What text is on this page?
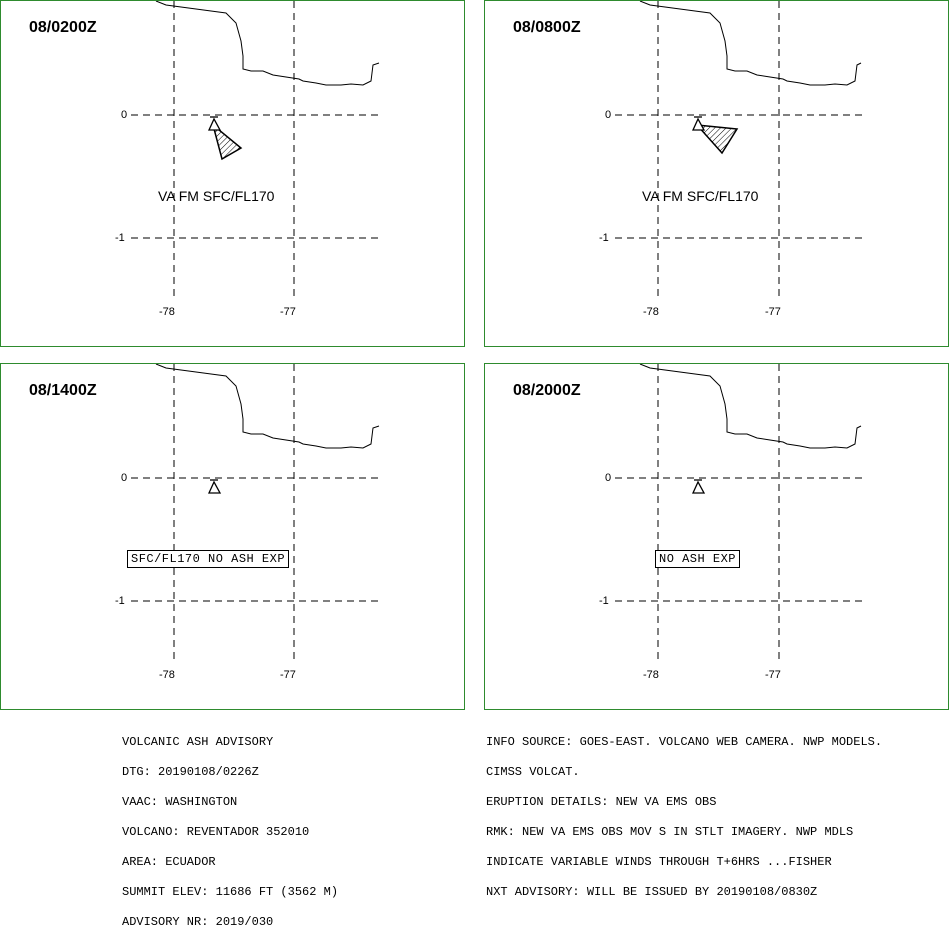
08/0200Z
0
-1
-78	-77
VA FM SFC/FL170
08/0800Z
0
-1
-78	-77
VA FM SFC/FL170
08/1400Z
0
-1
-78	-77
SFC/FL170 NO ASH EXP
08/2000Z
0
-1
-78	-77
NO ASH EXP

VOLCANIC ASH ADVISORY

DTG: 20190108/0226Z

VAAC: WASHINGTON

VOLCANO: REVENTADOR 352010

AREA: ECUADOR

SUMMIT ELEV: 11686 FT (3562 M)

ADVISORY NR: 2019/030

INFO SOURCE: GOES-EAST. VOLCANO WEB CAMERA. NWP MODELS.

CIMSS VOLCAT.

ERUPTION DETAILS: NEW VA EMS OBS

RMK: NEW VA EMS OBS MOV S IN STLT IMAGERY. NWP MDLS

INDICATE VARIABLE WINDS THROUGH T+6HRS ...FISHER

NXT ADVISORY: WILL BE ISSUED BY 20190108/0830Z
